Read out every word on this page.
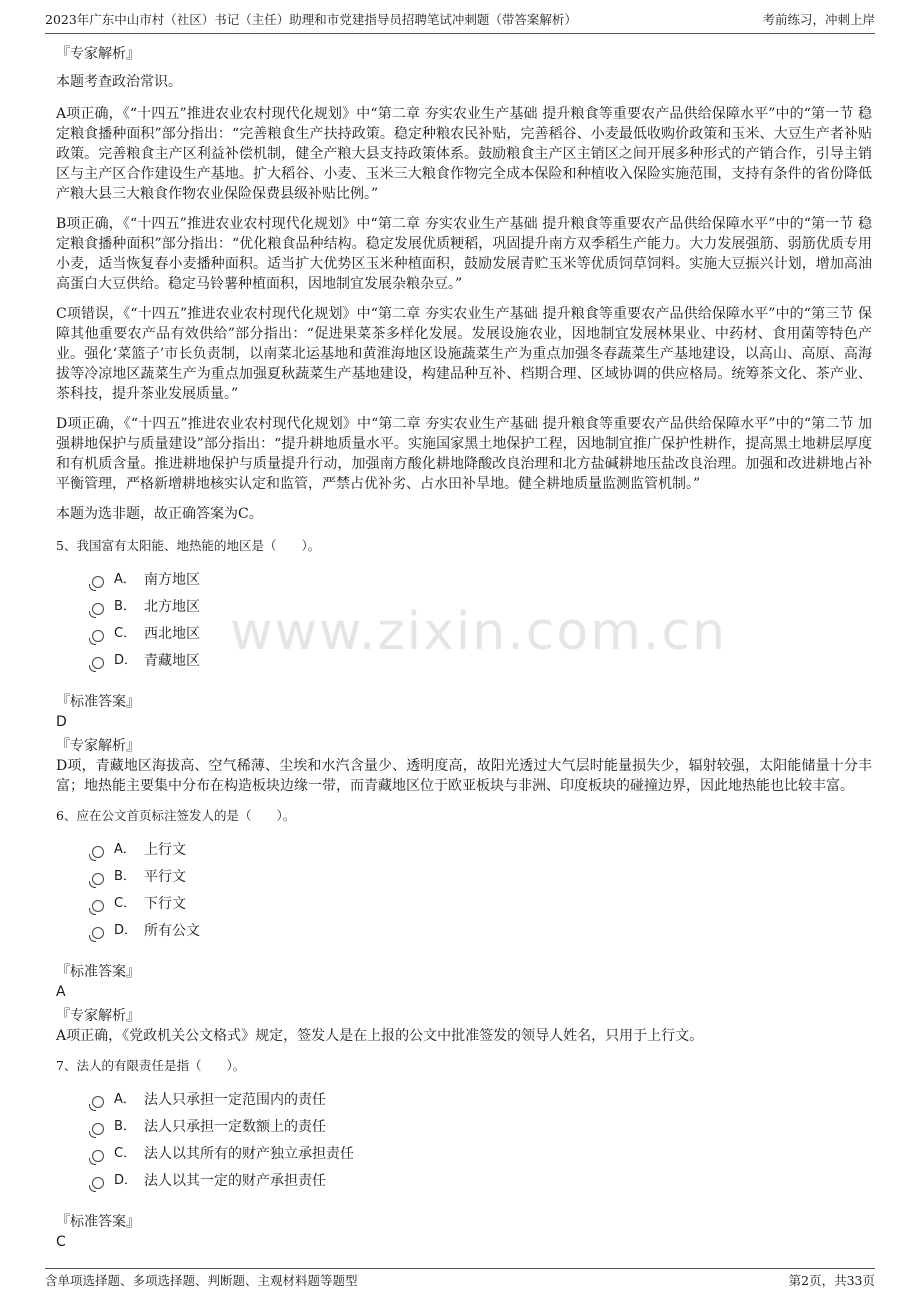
2023年广东中山市村（社区）书记（主任）助理和市党建指导员招聘笔试冲刺题（带答案解析）	考前练习，冲刺上岸
www.zixin.com.cn
『专家解析』

本题考查政治常识。

A项正确，《“十四五”推进农业农村现代化规划》中“第二章 夯实农业生产基础 提升粮食等重要农产品供给保障水平”中的“第一节 稳定粮食播种面积”部分指出：“完善粮食生产扶持政策。稳定种粮农民补贴，完善稻谷、小麦最低收购价政策和玉米、大豆生产者补贴政策。完善粮食主产区利益补偿机制，健全产粮大县支持政策体系。鼓励粮食主产区主销区之间开展多种形式的产销合作，引导主销区与主产区合作建设生产基地。扩大稻谷、小麦、玉米三大粮食作物完全成本保险和种植收入保险实施范围，支持有条件的省份降低产粮大县三大粮食作物农业保险保费县级补贴比例。”

B项正确，《“十四五”推进农业农村现代化规划》中“第二章 夯实农业生产基础 提升粮食等重要农产品供给保障水平”中的“第一节 稳定粮食播种面积”部分指出：“优化粮食品种结构。稳定发展优质粳稻，巩固提升南方双季稻生产能力。大力发展强筋、弱筋优质专用小麦，适当恢复春小麦播种面积。适当扩大优势区玉米种植面积，鼓励发展青贮玉米等优质饲草饲料。实施大豆振兴计划，增加高油高蛋白大豆供给。稳定马铃薯种植面积，因地制宜发展杂粮杂豆。”

C项错误，《“十四五”推进农业农村现代化规划》中“第二章 夯实农业生产基础 提升粮食等重要农产品供给保障水平”中的“第三节 保障其他重要农产品有效供给”部分指出：“促进果菜茶多样化发展。发展设施农业，因地制宜发展林果业、中药材、食用菌等特色产业。强化‘菜篮子’市长负责制，以南菜北运基地和黄淮海地区设施蔬菜生产为重点加强冬春蔬菜生产基地建设，以高山、高原、高海拔等冷凉地区蔬菜生产为重点加强夏秋蔬菜生产基地建设，构建品种互补、档期合理、区域协调的供应格局。统筹茶文化、茶产业、茶科技，提升茶业发展质量。”

D项正确，《“十四五”推进农业农村现代化规划》中“第二章 夯实农业生产基础 提升粮食等重要农产品供给保障水平”中的“第二节 加强耕地保护与质量建设”部分指出：“提升耕地质量水平。实施国家黑土地保护工程，因地制宜推广保护性耕作，提高黑土地耕层厚度和有机质含量。推进耕地保护与质量提升行动，加强南方酸化耕地降酸改良治理和北方盐碱耕地压盐改良治理。加强和改进耕地占补平衡管理，严格新增耕地核实认定和监管，严禁占优补劣、占水田补旱地。健全耕地质量监测监管机制。”

本题为选非题，故正确答案为C。

5、我国富有太阳能、地热能的地区是（　　）。
A． 南方地区
B． 北方地区
C． 西北地区
D． 青藏地区
『标准答案』
D
『专家解析』

D项，青藏地区海拔高、空气稀薄、尘埃和水汽含量少、透明度高，故阳光透过大气层时能量损失少，辐射较强，太阳能储量十分丰富；地热能主要集中分布在构造板块边缘一带，而青藏地区位于欧亚板块与非洲、印度板块的碰撞边界，因此地热能也比较丰富。

6、应在公文首页标注签发人的是（　　）。
A． 上行文
B． 平行文
C． 下行文
D． 所有公文
『标准答案』
A
『专家解析』

A项正确，《党政机关公文格式》规定，签发人是在上报的公文中批准签发的领导人姓名，只用于上行文。

7、法人的有限责任是指（　　）。
A． 法人只承担一定范围内的责任
B． 法人只承担一定数额上的责任
C． 法人以其所有的财产独立承担责任
D． 法人以其一定的财产承担责任
『标准答案』
C
含单项选择题、多项选择题、判断题、主观材料题等题型	第2页，共33页
